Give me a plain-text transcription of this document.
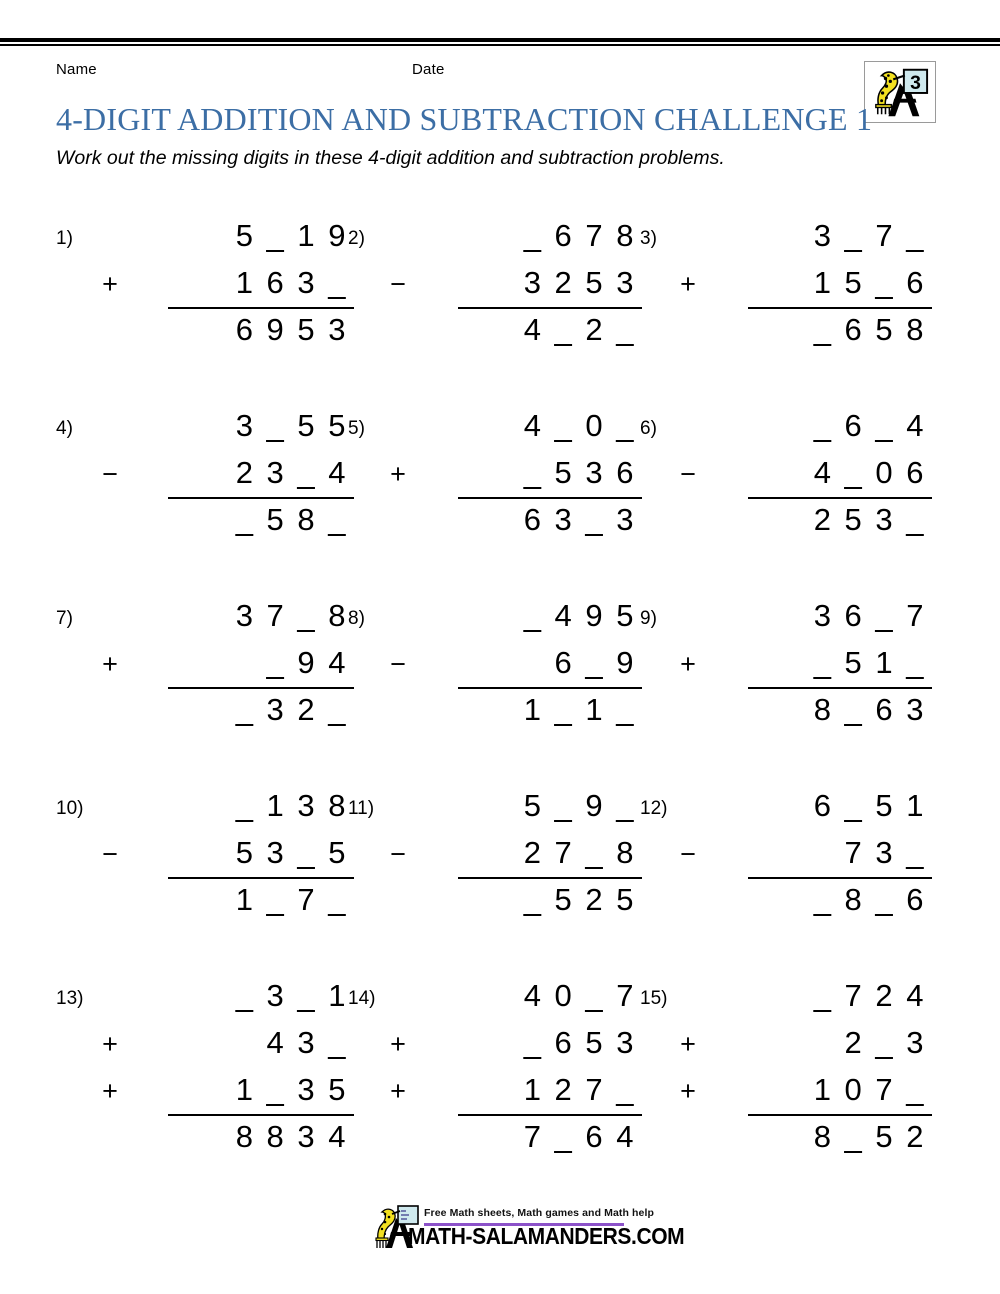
Name	Date
3
4-DIGIT ADDITION AND SUBTRACTION CHALLENGE 1
Work out the missing digits in these 4-digit addition and subtraction problems.
1)	5 _ 1 9
+	1 6 3 _
6 9 5 3
2)	_ 6 7 8
−	3 2 5 3
4 _ 2 _
3)	3 _ 7 _
+	1 5 _ 6
_ 6 5 8
4)	3 _ 5 5
−	2 3 _ 4
_ 5 8 _
5)	4 _ 0 _
+	_ 5 3 6
6 3 _ 3
6)	_ 6 _ 4
−	4 _ 0 6
2 5 3 _
7)	3 7 _ 8
+	_ 9 4
_ 3 2 _
8)	_ 4 9 5
−	6 _ 9
1 _ 1 _
9)	3 6 _ 7
+	_ 5 1 _
8 _ 6 3
10)	_ 1 3 8
−	5 3 _ 5
1 _ 7 _
11)	5 _ 9 _
−	2 7 _ 8
_ 5 2 5
12)	6 _ 5 1
−	7 3 _
_ 8 _ 6
13)	_ 3 _ 1
+	4 3 _
+	1 _ 3 5
8 8 3 4
14)	4 0 _ 7
+	_ 6 5 3
+	1 2 7 _
7 _ 6 4
15)	_ 7 2 4
+	2 _ 3
+	1 0 7 _
8 _ 5 2
Free Math sheets, Math games and Math help
MATH-SALAMANDERS.COM
